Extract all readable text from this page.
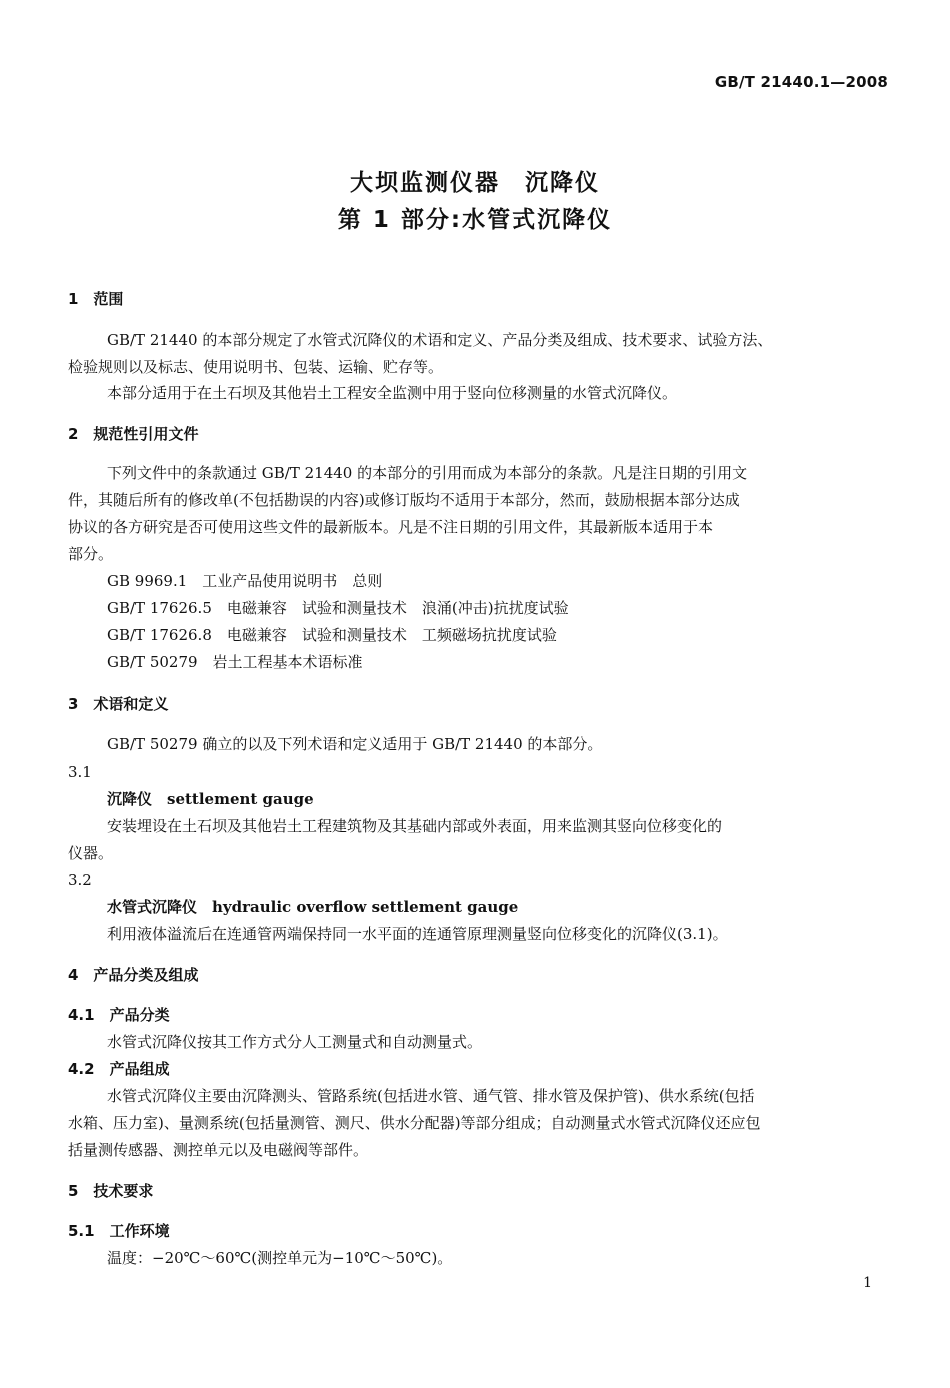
GB/T 21440.1—2008
大坝监测仪器　沉降仪
第 1 部分:水管式沉降仪
1　范围
GB/T 21440 的本部分规定了水管式沉降仪的术语和定义、产品分类及组成、技术要求、试验方法、
检验规则以及标志、使用说明书、包装、运输、贮存等。
本部分适用于在土石坝及其他岩土工程安全监测中用于竖向位移测量的水管式沉降仪。
2　规范性引用文件
下列文件中的条款通过 GB/T 21440 的本部分的引用而成为本部分的条款。凡是注日期的引用文
件，其随后所有的修改单(不包括勘误的内容)或修订版均不适用于本部分，然而，鼓励根据本部分达成
协议的各方研究是否可使用这些文件的最新版本。凡是不注日期的引用文件，其最新版本适用于本
部分。
GB 9969.1　工业产品使用说明书　总则
GB/T 17626.5　电磁兼容　试验和测量技术　浪涌(冲击)抗扰度试验
GB/T 17626.8　电磁兼容　试验和测量技术　工频磁场抗扰度试验
GB/T 50279　岩土工程基本术语标准
3　术语和定义
GB/T 50279 确立的以及下列术语和定义适用于 GB/T 21440 的本部分。
3.1
沉降仪　settlement gauge
安装埋设在土石坝及其他岩土工程建筑物及其基础内部或外表面，用来监测其竖向位移变化的
仪器。
3.2
水管式沉降仪　hydraulic overflow settlement gauge
利用液体溢流后在连通管两端保持同一水平面的连通管原理测量竖向位移变化的沉降仪(3.1)。
4　产品分类及组成
4.1　产品分类
水管式沉降仪按其工作方式分人工测量式和自动测量式。
4.2　产品组成
水管式沉降仪主要由沉降测头、管路系统(包括进水管、通气管、排水管及保护管)、供水系统(包括
水箱、压力室)、量测系统(包括量测管、测尺、供水分配器)等部分组成；自动测量式水管式沉降仪还应包
括量测传感器、测控单元以及电磁阀等部件。
5　技术要求
5.1　工作环境
温度：−20℃～60℃(测控单元为−10℃～50℃)。
1
